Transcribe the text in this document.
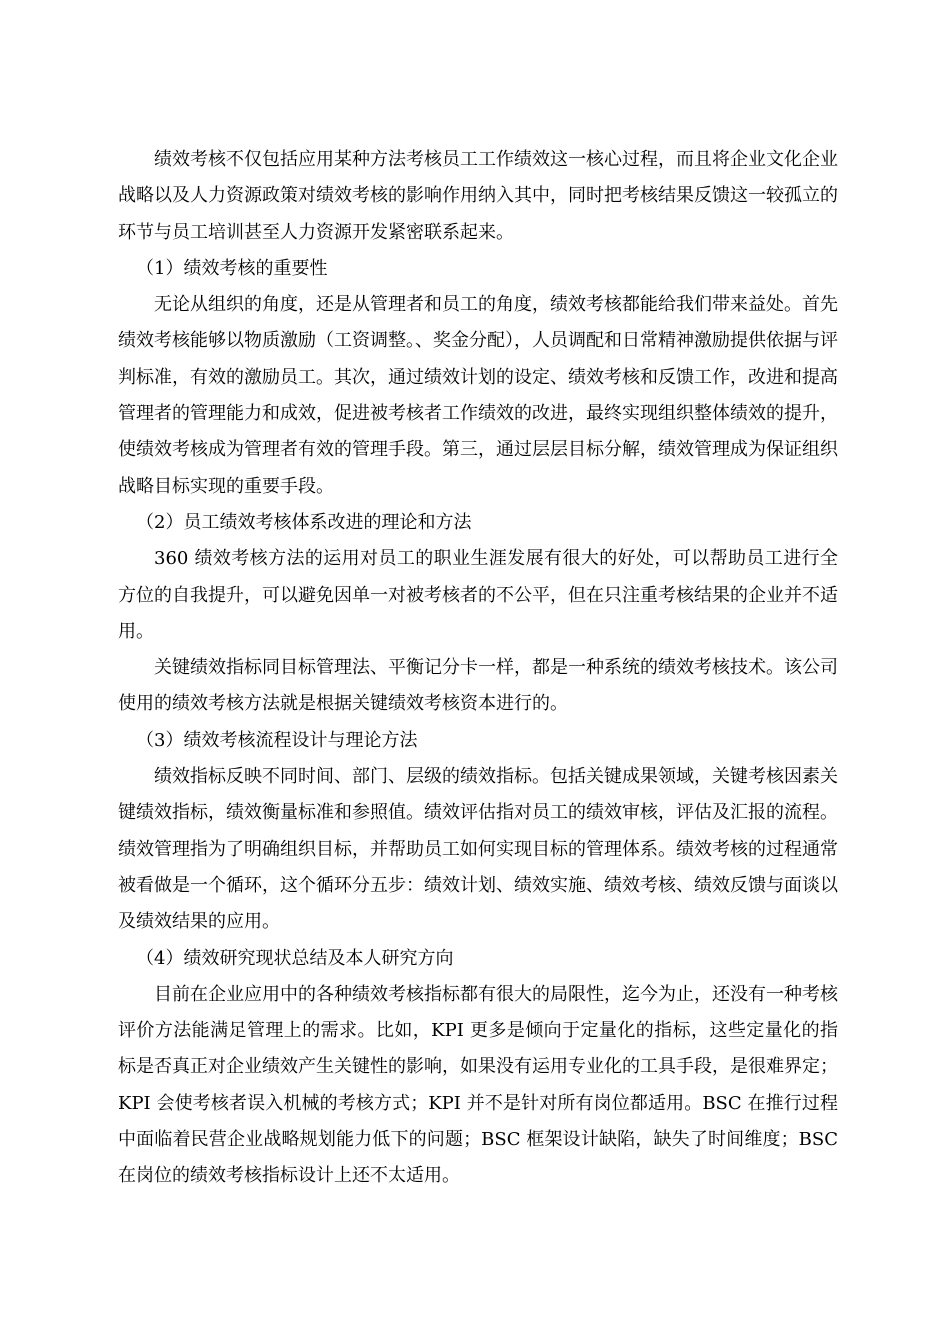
绩效考核不仅包括应用某种方法考核员工工作绩效这一核心过程，而且将企业文化企业战略以及人力资源政策对绩效考核的影响作用纳入其中，同时把考核结果反馈这一较孤立的环节与员工培训甚至人力资源开发紧密联系起来。

（1）绩效考核的重要性

无论从组织的角度，还是从管理者和员工的角度，绩效考核都能给我们带来益处。首先绩效考核能够以物质激励（工资调整。、奖金分配），人员调配和日常精神激励提供依据与评判标准，有效的激励员工。其次，通过绩效计划的设定、绩效考核和反馈工作，改进和提高管理者的管理能力和成效，促进被考核者工作绩效的改进，最终实现组织整体绩效的提升，使绩效考核成为管理者有效的管理手段。第三，通过层层目标分解，绩效管理成为保证组织战略目标实现的重要手段。

（2）员工绩效考核体系改进的理论和方法

360 绩效考核方法的运用对员工的职业生涯发展有很大的好处，可以帮助员工进行全方位的自我提升，可以避免因单一对被考核者的不公平，但在只注重考核结果的企业并不适用。

关键绩效指标同目标管理法、平衡记分卡一样，都是一种系统的绩效考核技术。该公司使用的绩效考核方法就是根据关键绩效考核资本进行的。

（3）绩效考核流程设计与理论方法

绩效指标反映不同时间、部门、层级的绩效指标。包括关键成果领域，关键考核因素关键绩效指标，绩效衡量标准和参照值。绩效评估指对员工的绩效审核，评估及汇报的流程。绩效管理指为了明确组织目标，并帮助员工如何实现目标的管理体系。绩效考核的过程通常被看做是一个循环，这个循环分五步：绩效计划、绩效实施、绩效考核、绩效反馈与面谈以及绩效结果的应用。

（4）绩效研究现状总结及本人研究方向

目前在企业应用中的各种绩效考核指标都有很大的局限性，迄今为止，还没有一种考核评价方法能满足管理上的需求。比如，KPI 更多是倾向于定量化的指标，这些定量化的指标是否真正对企业绩效产生关键性的影响，如果没有运用专业化的工具手段，是很难界定；KPI 会使考核者误入机械的考核方式；KPI 并不是针对所有岗位都适用。BSC 在推行过程中面临着民营企业战略规划能力低下的问题；BSC 框架设计缺陷，缺失了时间维度；BSC 在岗位的绩效考核指标设计上还不太适用。
